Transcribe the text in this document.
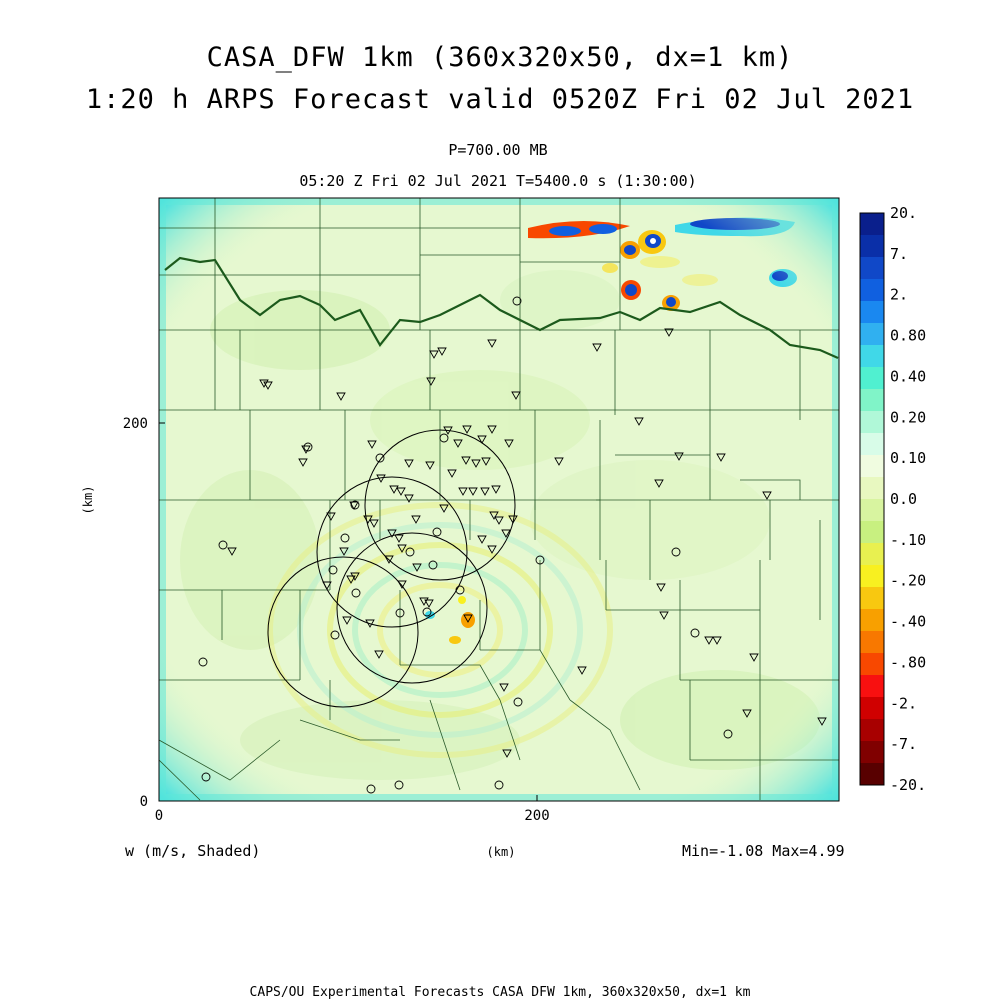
CASA_DFW 1km (360x320x50, dx=1 km)
1:20 h ARPS Forecast valid 0520Z Fri 02 Jul 2021
P=700.00 MB
05:20 Z Fri 02 Jul 2021 T=5400.0 s (1:30:00)
200
0
0	200
(km)
(km)
w (m/s, Shaded)	Min=-1.08 Max=4.99
20.
7.
2.
0.80
0.40
0.20
0.10
0.0
-.10
-.20
-.40
-.80
-2.
-7.
-20.
CAPS/OU Experimental Forecasts CASA DFW 1km, 360x320x50, dx=1 km
